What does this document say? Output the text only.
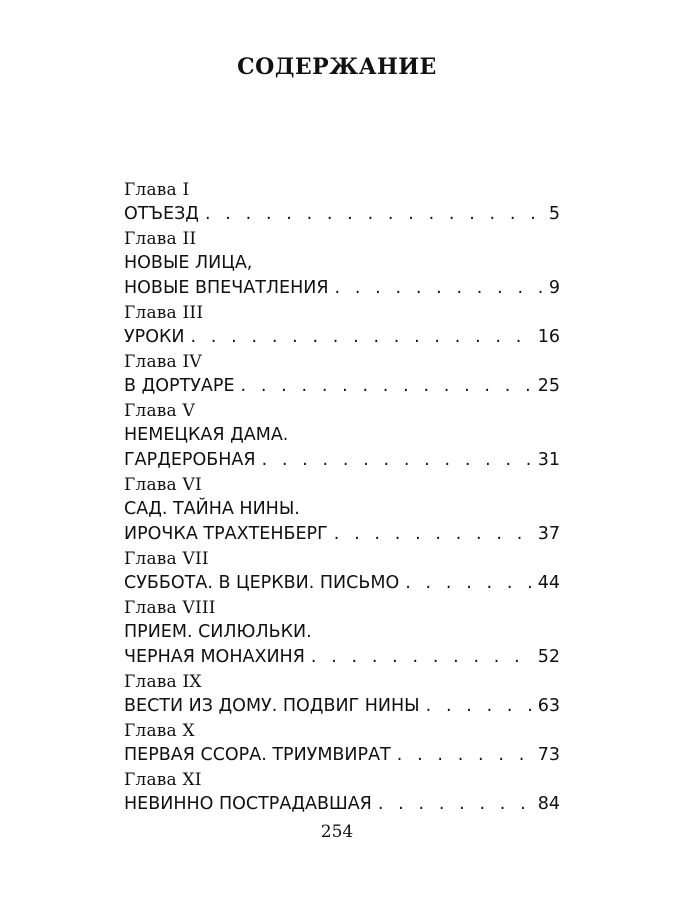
СОДЕРЖАНИЕ
Глава I
ОТЪЕЗД . . .	5
Глава II
НОВЫЕ ЛИЦА,
НОВЫЕ ВПЕЧАТЛЕНИЯ . . .	9
Глава III
УРОКИ . . .	16
Глава IV
В ДОРТУАРЕ . . .	25
Глава V
НЕМЕЦКАЯ ДАМА.
ГАРДЕРОБНАЯ . . .	31
Глава VI
САД. ТАЙНА НИНЫ.
ИРОЧКА ТРАХТЕНБЕРГ . . .	37
Глава VII
СУББОТА. В ЦЕРКВИ. ПИСЬМО . . .	44
Глава VIII
ПРИЕМ. СИЛЮЛЬКИ.
ЧЕРНАЯ МОНАХИНЯ . . .	52
Глава IX
ВЕСТИ ИЗ ДОМУ. ПОДВИГ НИНЫ . . .	63
Глава X
ПЕРВАЯ ССОРА. ТРИУМВИРАТ . . .	73
Глава XI
НЕВИННО ПОСТРАДАВШАЯ . . .	84
254
